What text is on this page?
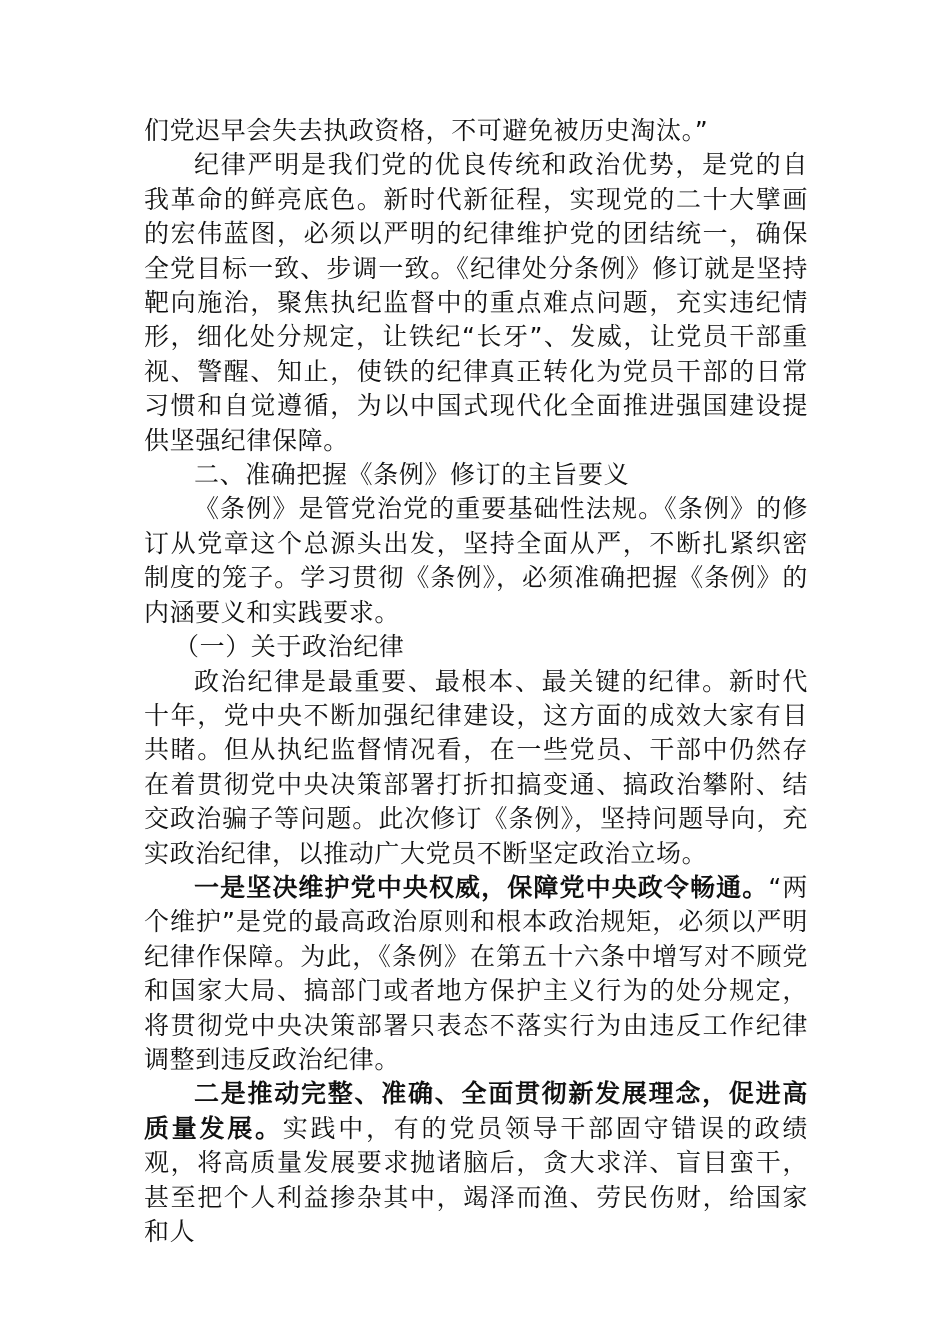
们党迟早会失去执政资格，不可避免被历史淘汰。”

纪律严明是我们党的优良传统和政治优势，是党的自我革命的鲜亮底色。新时代新征程，实现党的二十大擘画的宏伟蓝图，必须以严明的纪律维护党的团结统一，确保全党目标一致、步调一致。《纪律处分条例》修订就是坚持靶向施治，聚焦执纪监督中的重点难点问题，充实违纪情形，细化处分规定，让铁纪“长牙”、发威，让党员干部重视、警醒、知止，使铁的纪律真正转化为党员干部的日常习惯和自觉遵循，为以中国式现代化全面推进强国建设提供坚强纪律保障。

二、准确把握《条例》修订的主旨要义

《条例》是管党治党的重要基础性法规。《条例》的修订从党章这个总源头出发，坚持全面从严，不断扎紧织密制度的笼子。学习贯彻《条例》，必须准确把握《条例》的内涵要义和实践要求。

（一）关于政治纪律

政治纪律是最重要、最根本、最关键的纪律。新时代十年，党中央不断加强纪律建设，这方面的成效大家有目共睹。但从执纪监督情况看，在一些党员、干部中仍然存在着贯彻党中央决策部署打折扣搞变通、搞政治攀附、结交政治骗子等问题。此次修订《条例》，坚持问题导向，充实政治纪律，以推动广大党员不断坚定政治立场。

一是坚决维护党中央权威，保障党中央政令畅通。“两个维护”是党的最高政治原则和根本政治规矩，必须以严明纪律作保障。为此，《条例》在第五十六条中增写对不顾党和国家大局、搞部门或者地方保护主义行为的处分规定，将贯彻党中央决策部署只表态不落实行为由违反工作纪律调整到违反政治纪律。

二是推动完整、准确、全面贯彻新发展理念，促进高质量发展。实践中，有的党员领导干部固守错误的政绩观，将高质量发展要求抛诸脑后，贪大求洋、盲目蛮干，甚至把个人利益掺杂其中，竭泽而渔、劳民伤财，给国家和人
